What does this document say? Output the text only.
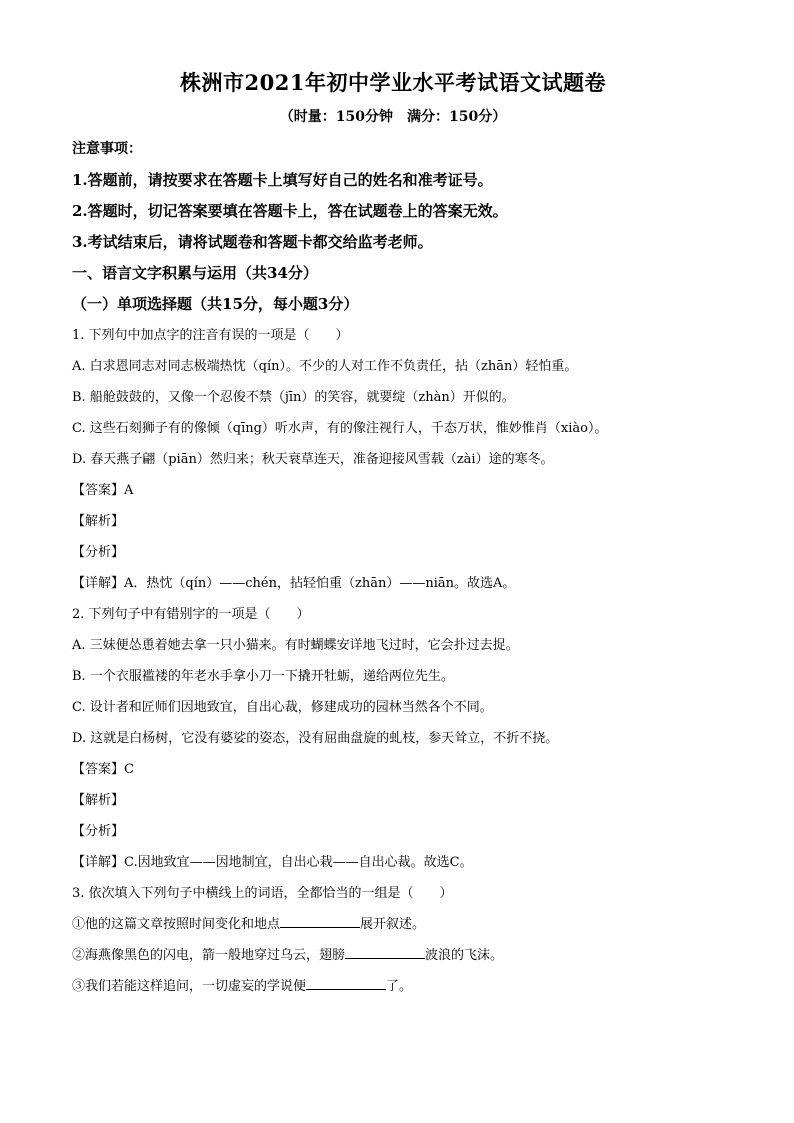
株洲市2021年初中学业水平考试语文试题卷

（时量：150分钟　满分：150分）

注意事项：

1.答题前，请按要求在答题卡上填写好自己的姓名和准考证号。

2.答题时，切记答案要填在答题卡上，答在试题卷上的答案无效。

3.考试结束后，请将试题卷和答题卡都交给监考老师。

一、语言文字积累与运用（共34分）

（一）单项选择题（共15分，每小题3分）

1. 下列句中加点字的注音有误的一项是（　　）

A. 白求恩同志对同志极端热忱（qín）。不少的人对工作不负责任，拈（zhān）轻怕重。

B. 船舱鼓鼓的，又像一个忍俊不禁（jīn）的笑容，就要绽（zhàn）开似的。

C. 这些石刻狮子有的像倾（qīng）听水声，有的像注视行人，千态万状，惟妙惟肖（xiào）。

D. 春天燕子翩（piān）然归来；秋天衰草连天，准备迎接风雪载（zài）途的寒冬。

【答案】A

【解析】

【分析】

【详解】A．热忱（qín）——chén，拈轻怕重（zhān）——niān。故选A。

2. 下列句子中有错别字的一项是（　　）

A. 三妹便怂恿着她去拿一只小猫来。有时蝴蝶安详地飞过时，它会扑过去捉。

B. 一个衣服褴褛的年老水手拿小刀一下撬开牡蛎，递给两位先生。

C. 设计者和匠师们因地致宜，自出心裁，修建成功的园林当然各个不同。

D. 这就是白杨树，它没有婆娑的姿态，没有屈曲盘旋的虬枝，参天耸立，不折不挠。

【答案】C

【解析】

【分析】

【详解】C.因地致宜——因地制宜，自出心栽——自出心裁。故选C。

3. 依次填入下列句子中横线上的词语，全都恰当的一组是（　　）

①他的这篇文章按照时间变化和地点	展开叙述。

②海燕像黑色的闪电，箭一般地穿过乌云，翅膀	波浪的飞沫。

③我们若能这样追问，一切虚妄的学说便	了。
